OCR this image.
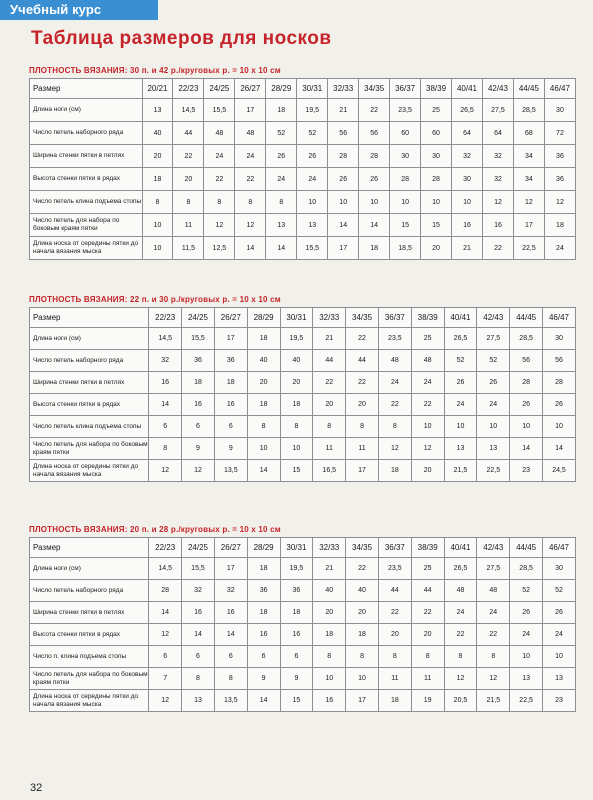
Учебный курс
Таблица размеров для носков
ПЛОТНОСТЬ ВЯЗАНИЯ: 30 п. и 42 р./круговых р. = 10 х 10 см
Размер	20/21	22/23	24/25	26/27	28/29	30/31	32/33	34/35	36/37	38/39	40/41	42/43	44/45	46/47
Длина ноги (см)	13	14,5	15,5	17	18	19,5	21	22	23,5	25	26,5	27,5	28,5	30
Число петель наборного ряда	40	44	48	48	52	52	56	56	60	60	64	64	68	72
Ширина стенки пятки в петлях	20	22	24	24	26	26	28	28	30	30	32	32	34	36
Высота стенки пятки в рядах	18	20	22	22	24	24	26	26	28	28	30	32	34	36
Число петель клина подъема стопы	8	8	8	8	8	10	10	10	10	10	10	12	12	12
Число петель для набора по боковым краям пятки	10	11	12	12	13	13	14	14	15	15	16	16	17	18
Длина носка от середины пятки до начала вязания мыска	10	11,5	12,5	14	14	15,5	17	18	18,5	20	21	22	22,5	24
ПЛОТНОСТЬ ВЯЗАНИЯ: 22 п. и 30 р./круговых р. = 10 х 10 см
Размер	22/23	24/25	26/27	28/29	30/31	32/33	34/35	36/37	38/39	40/41	42/43	44/45	46/47
Длина ноги (см)	14,5	15,5	17	18	19,5	21	22	23,5	25	26,5	27,5	28,5	30
Число петель наборного ряда	32	36	36	40	40	44	44	48	48	52	52	56	56
Ширина стенки пятки в петлях	16	18	18	20	20	22	22	24	24	26	26	28	28
Высота стенки пятки в рядах	14	16	16	18	18	20	20	22	22	24	24	26	26
Число петель клина подъема стопы	6	6	6	8	8	8	8	8	10	10	10	10	10
Число петель для набора по боковым краям пятки	8	9	9	10	10	11	11	12	12	13	13	14	14
Длина носка от середины пятки до начала вязания мыска	12	12	13,5	14	15	16,5	17	18	20	21,5	22,5	23	24,5
ПЛОТНОСТЬ ВЯЗАНИЯ: 20 п. и 28 р./круговых р. = 10 х 10 см
Размер	22/23	24/25	26/27	28/29	30/31	32/33	34/35	36/37	38/39	40/41	42/43	44/45	46/47
Длина ноги (см)	14,5	15,5	17	18	19,5	21	22	23,5	25	26,5	27,5	28,5	30
Число петель наборного ряда	28	32	32	36	36	40	40	44	44	48	48	52	52
Ширина стенки пятки в петлях	14	16	16	18	18	20	20	22	22	24	24	26	26
Высота стенки пятки в рядах	12	14	14	16	16	18	18	20	20	22	22	24	24
Число п. клина подъема стопы	6	6	6	6	6	8	8	8	8	8	8	10	10
Число петель для набора по боковым краям пятки	7	8	8	9	9	10	10	11	11	12	12	13	13
Длина носка от середины пятки до начала вязания мыска	12	13	13,5	14	15	16	17	18	19	20,5	21,5	22,5	23
32
